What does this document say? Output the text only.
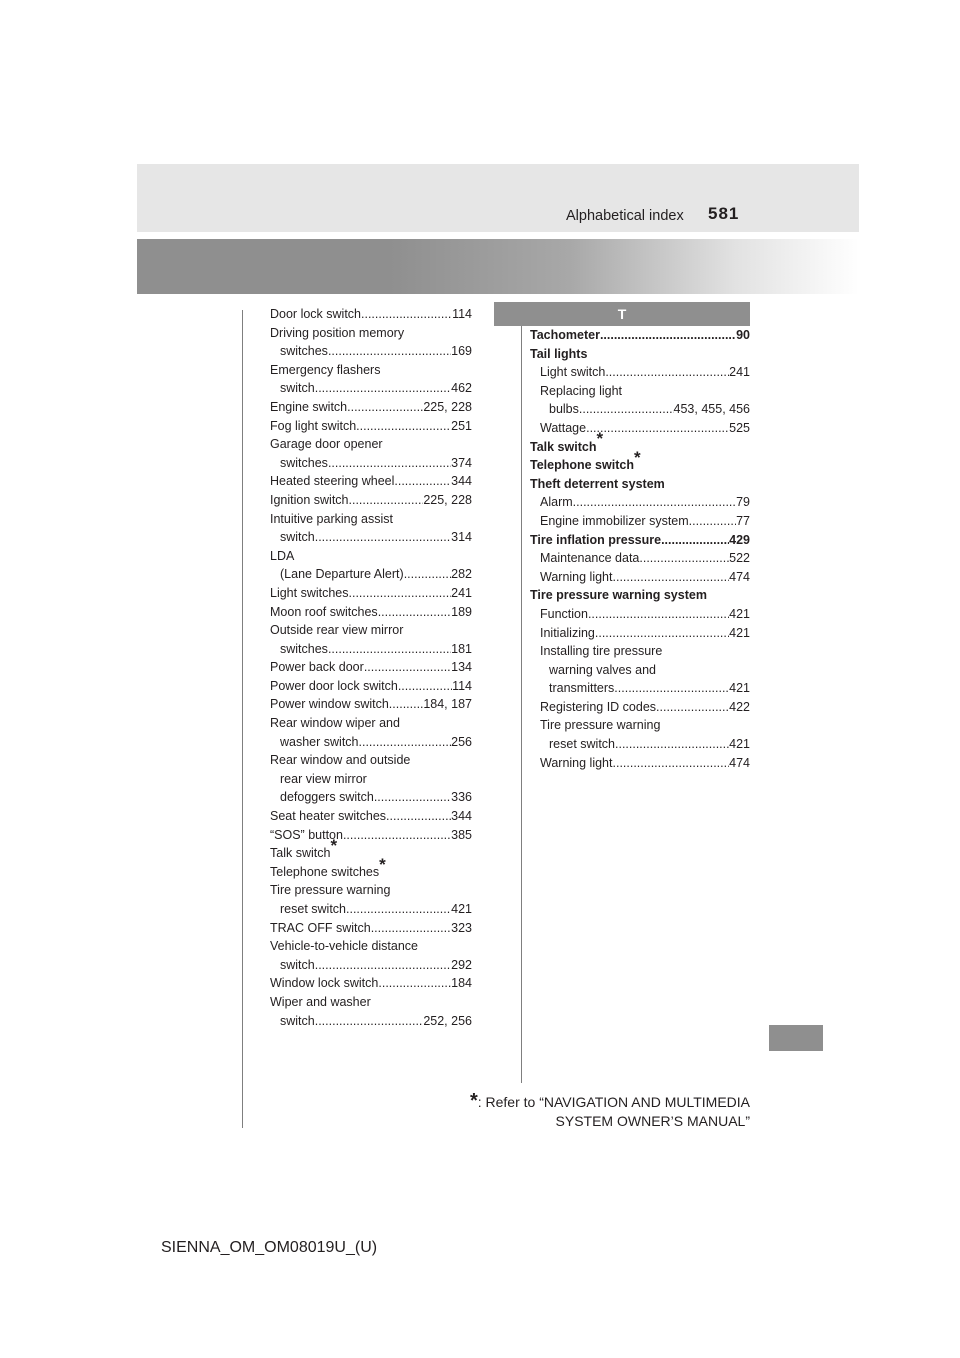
Alphabetical index 581
Door lock switch .....	114
Driving position memory
switches .....	169
Emergency flashers
switch .....	462
Engine switch .....	225, 228
Fog light switch .....	251
Garage door opener
switches .....	374
Heated steering wheel .....	344
Ignition switch .....	225, 228
Intuitive parking assist
switch .....	314
LDA
(Lane Departure Alert) .....	282
Light switches .....	241
Moon roof switches .....	189
Outside rear view mirror
switches .....	181
Power back door .....	134
Power door lock switch .....	114
Power window switch .....	184, 187
Rear window wiper and
washer switch .....	256
Rear window and outside
rear view mirror
defoggers switch .....	336
Seat heater switches .....	344
“SOS” button .....	385
Talk switch*
Telephone switches*
Tire pressure warning
reset switch .....	421
TRAC OFF switch .....	323
Vehicle-to-vehicle distance
switch .....	292
Window lock switch .....	184
Wiper and washer
switch .....	252, 256
T
Tachometer .....	90
Tail lights
Light switch .....	241
Replacing light
bulbs .....	453, 455, 456
Wattage .....	525
Talk switch*
Telephone switch*
Theft deterrent system
Alarm .....	79
Engine immobilizer system .....	77
Tire inflation pressure .....	429
Maintenance data .....	522
Warning light .....	474
Tire pressure warning system
Function .....	421
Initializing .....	421
Installing tire pressure
warning valves and
transmitters .....	421
Registering ID codes .....	422
Tire pressure warning
reset switch .....	421
Warning light .....	474
*: Refer to “NAVIGATION AND MULTIMEDIA
SYSTEM OWNER’S MANUAL”
SIENNA_OM_OM08019U_(U)
